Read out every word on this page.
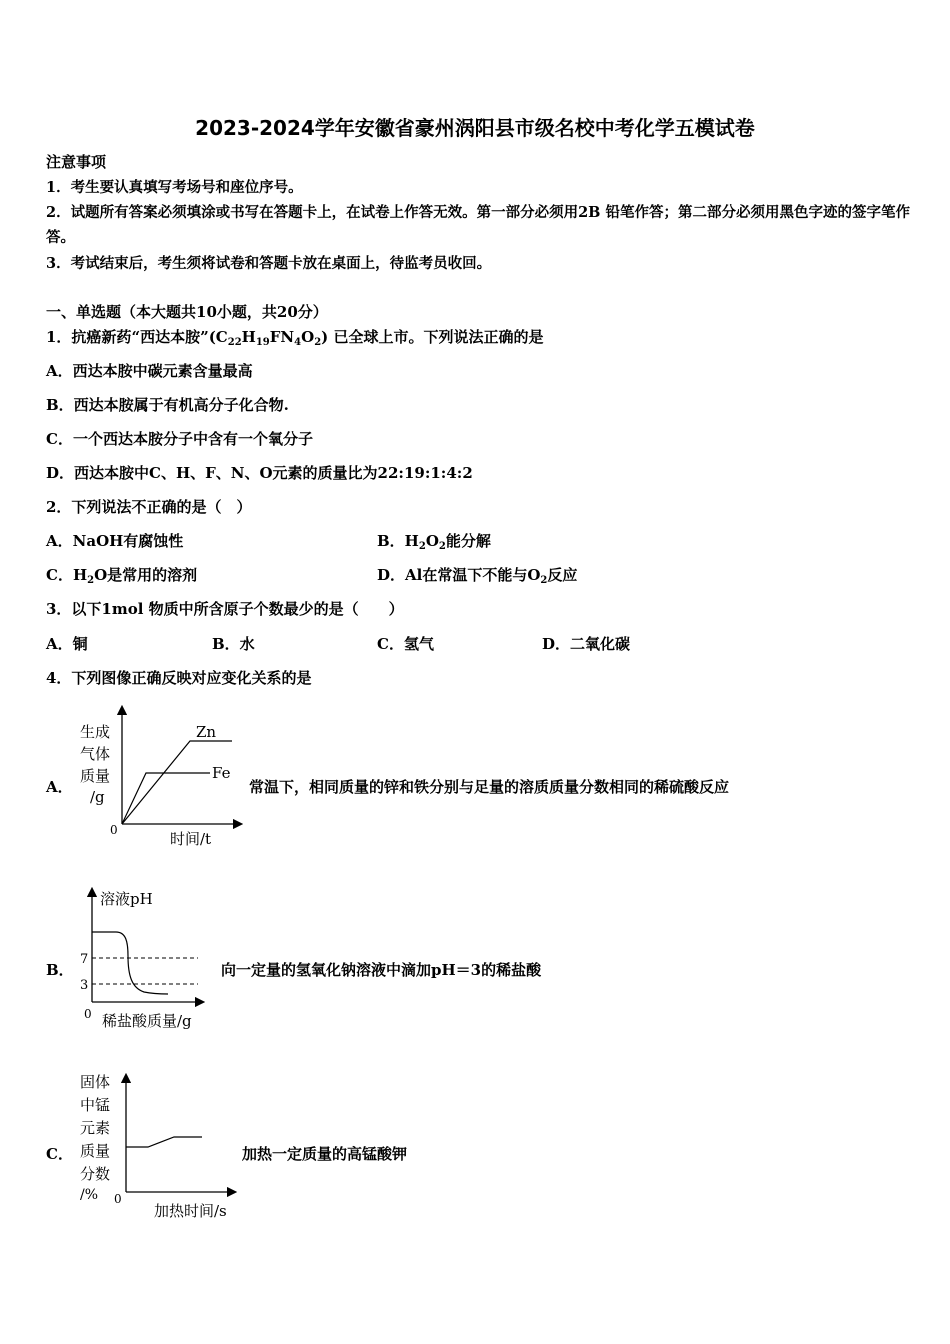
2023-2024学年安徽省豪州涡阳县市级名校中考化学五模试卷
注意事项
1．考生要认真填写考场号和座位序号。
2．试题所有答案必须填涂或书写在答题卡上，在试卷上作答无效。第一部分必须用2B 铅笔作答；第二部分必须用黑色字迹的签字笔作答。
3．考试结束后，考生须将试卷和答题卡放在桌面上，待监考员收回。
一、单选题（本大题共10小题，共20分）
1．抗癌新药“西达本胺$”(C_{22}H_{19}FN_4O_2)$ 已全球上市。下列说法正确的是
A．西达本胺中碳元素含量最高
B．西达本胺属于有机高分子化合物.
C．一个西达本胺分子中含有一个氧分子
D．西达本胺中C、H、F、N、O元素的质量比为22:19:1:4:2
2．下列说法不正确的是（　）
A．NaOH有腐蚀性	B．$H_2O_2$能分解
C．$H_2O$是常用的溶剂	D．Al在常温下不能与$O_2$反应
3．以下1mol 物质中所含原子个数最少的是（　　）
A．铜	B．水	C．氢气	D．二氧化碳
4．下列图像正确反映对应变化关系的是
A．
生成
气体
质量
/g
0	时间/t
Zn
Fe
常温下，相同质量的锌和铁分别与足量的溶质质量分数相同的稀硫酸反应
B．
溶液pH
7
3
0 稀盐酸质量/g
向一定量的氢氧化钠溶液中滴加pH＝3的稀盐酸
C．
固体
中锰
元素
质量
分数
/% 0
加热时间/s
加热一定质量的高锰酸钾
